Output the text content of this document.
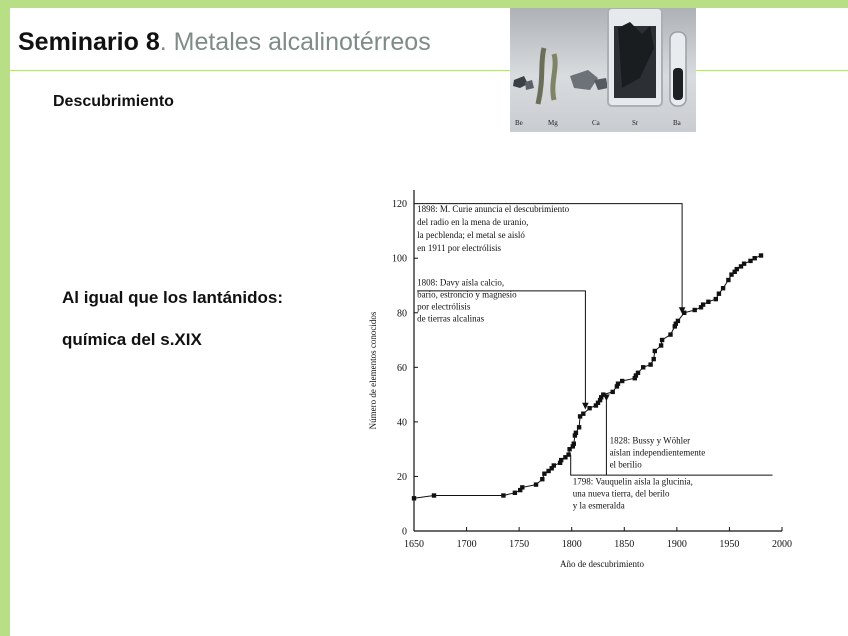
Seminario 8. Metales alcalinotérreos
Be	Mg	Ca	Sr	Ba
Descubrimiento
Al igual que los lantánidos:
química del s.XIX
1650	1700	1750	1800	1850	1900	1950	2000
0
20
40
60
80
100
120
Año de descubrimiento
Número de elementos conocidos
1898: M. Curie anuncia el descubrimiento del radio en la mena de uranio, la pecblenda; el metal se aisló en 1911 por electrólisis
1808: Davy aísla calcio, bario, estroncio y magnesio por electrólisis de tierras alcalinas
1828: Bussy y Wöhler aíslan independientemente el berilio
1798: Vauquelin aísla la glucinia, una nueva tierra, del berilo y la esmeralda
